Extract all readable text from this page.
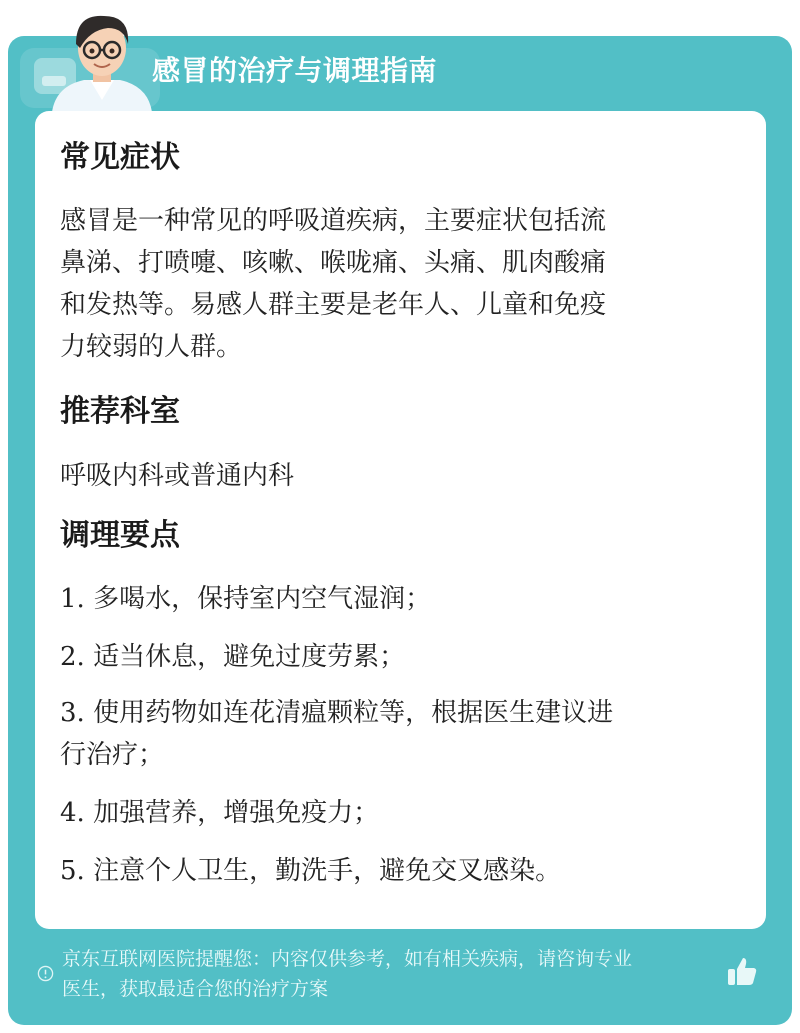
感冒的治疗与调理指南
常见症状
感冒是一种常见的呼吸道疾病，主要症状包括流
鼻涕、打喷嚏、咳嗽、喉咙痛、头痛、肌肉酸痛
和发热等。易感人群主要是老年人、儿童和免疫
力较弱的人群。
推荐科室
呼吸内科或普通内科
调理要点
1. 多喝水，保持室内空气湿润；
2. 适当休息，避免过度劳累；
3. 使用药物如连花清瘟颗粒等，根据医生建议进
行治疗；
4. 加强营养，增强免疫力；
5. 注意个人卫生，勤洗手，避免交叉感染。
京东互联网医院提醒您：内容仅供参考，如有相关疾病，请咨询专业
医生，获取最适合您的治疗方案
